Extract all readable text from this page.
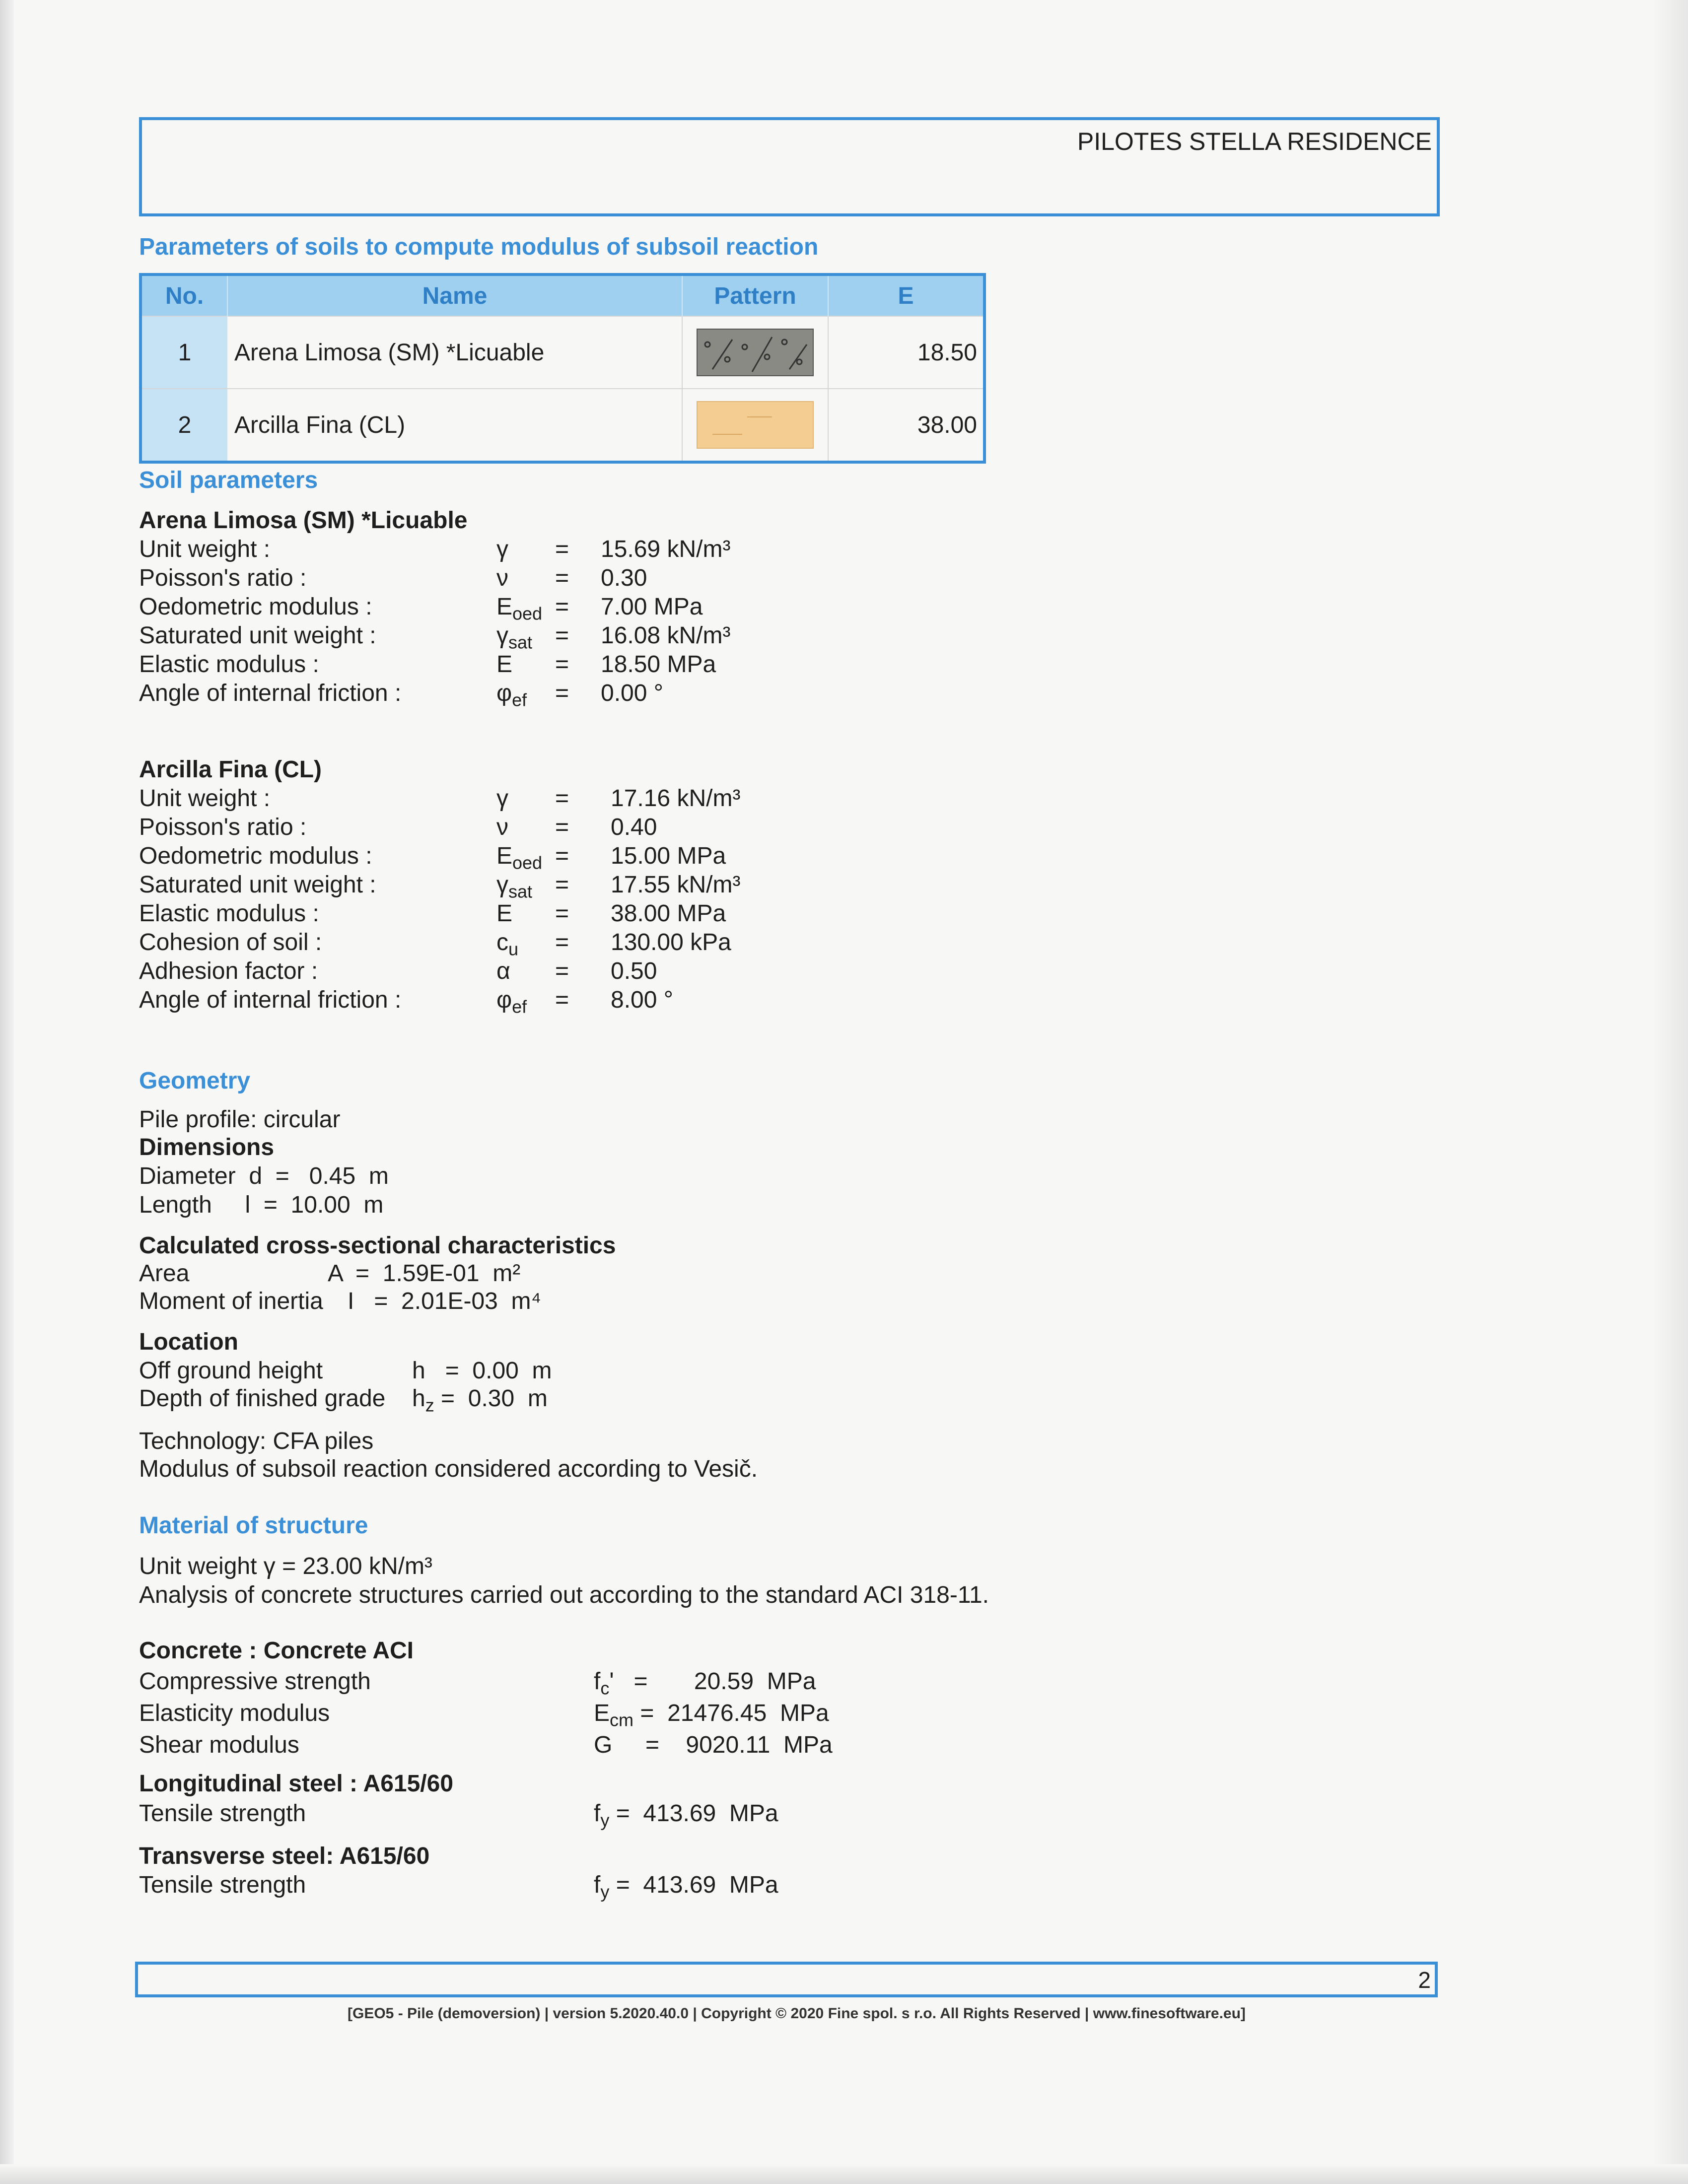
PILOTES STELLA RESIDENCE
Parameters of soils to compute modulus of subsoil reaction
No.	Name	Pattern	E
1	Arena Limosa (SM) *Licuable		18.50
2	Arcilla Fina (CL)		38.00
Soil parameters
Arena Limosa (SM) *Licuable
Unit weight :	γ = 15.69 kN/m³
Poisson's ratio :	ν = 0.30
Oedometric modulus :	$E_{oed} = 7.00$ MPa
Saturated unit weight :	$\gamma_{sat} = 16.08$ kN/m³
Elastic modulus :	E = 18.50 MPa
Angle of internal friction :	$\varphi_{ef} = 0.00$ °
Arcilla Fina (CL)
Unit weight :	γ = 17.16 kN/m³
Poisson's ratio :	ν = 0.40
Oedometric modulus :	$E_{oed} = 15.00$ MPa
Saturated unit weight :	$\gamma_{sat} = 17.55$ kN/m³
Elastic modulus :	E = 38.00 MPa
Cohesion of soil :	$c_u = 130.00$ kPa
Adhesion factor :	α = 0.50
Angle of internal friction :	$\varphi_{ef} = 8.00$ °
Geometry
Pile profile: circular
Dimensions
Diameter  d  =   0.45  m
Length     l  =  10.00  m
Calculated cross-sectional characteristics
Area	A  =  1.59E-01  m²
Moment of inertia I   =  2.01E-03  m⁴
Location
Off ground height	h   =  0.00  m
Depth of finished grade $h_z = 0.30$  m
Technology: CFA piles
Modulus of subsoil reaction considered according to Vesič.
Material of structure
Unit weight γ = 23.00 kN/m³
Analysis of concrete structures carried out according to the standard ACI 318-11.
Concrete : Concrete ACI
Compressive strength	$f_c'$ =       20.59  MPa
Elasticity modulus	$E_{cm} = 21476.45$  MPa
Shear modulus	G =    9020.11  MPa
Longitudinal steel : A615/60
Tensile strength	$f_y = 413.69$  MPa
Transverse steel: A615/60
Tensile strength	$f_y = 413.69$  MPa
2
[GEO5 - Pile (demoversion) | version 5.2020.40.0 | Copyright © 2020 Fine spol. s r.o. All Rights Reserved | www.finesoftware.eu]
